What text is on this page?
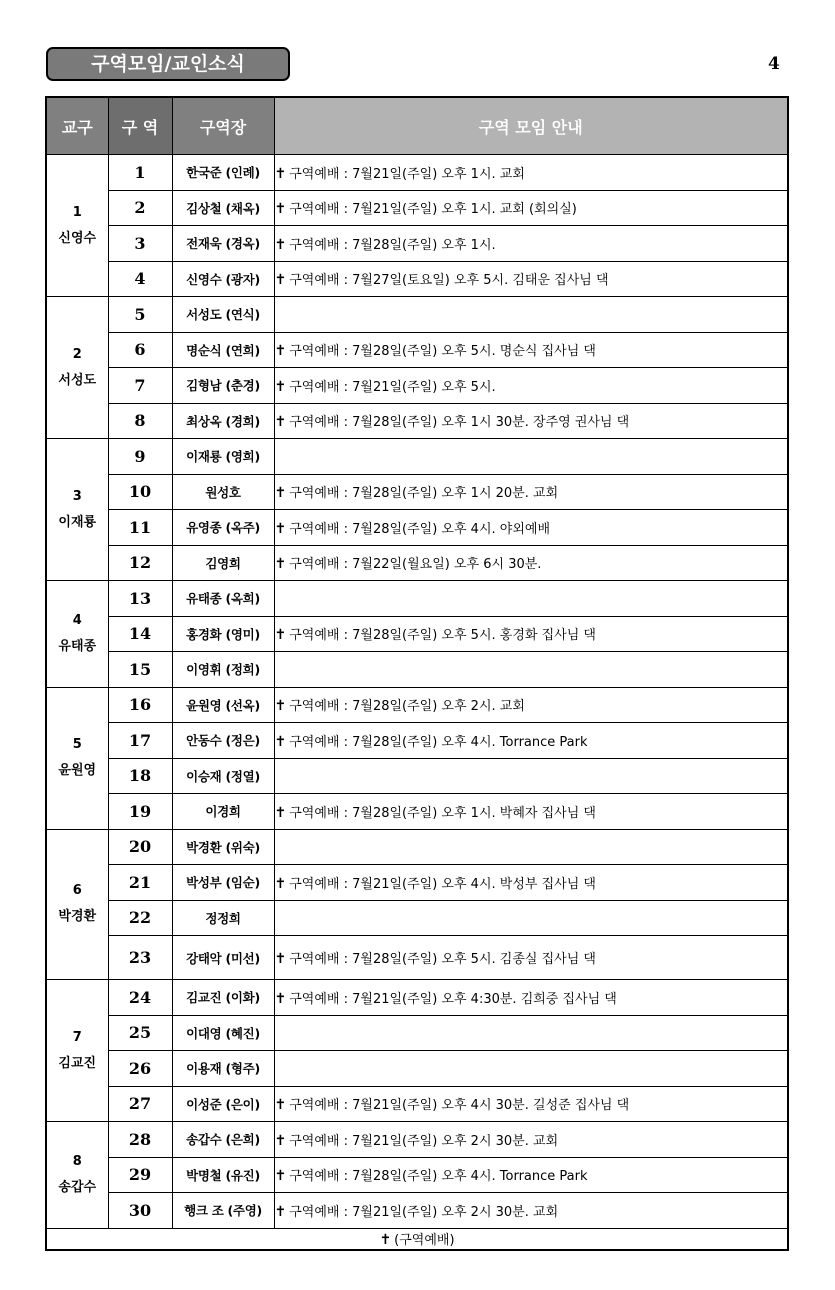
구역모임/교인소식	4
교구	구 역	구역장	구역 모임 안내

1
신영수	1	한국준 (인례)	✝ 구역예배 : 7월21일(주일) 오후 1시. 교회
	2	김상철 (채옥)	✝ 구역예배 : 7월21일(주일) 오후 1시. 교회 (회의실)
	3	전재욱 (경옥)	✝ 구역예배 : 7월28일(주일) 오후 1시.
	4	신영수 (광자)	✝ 구역예배 : 7월27일(토요일) 오후 5시. 김태운 집사님 댁

2
서성도	5	서성도 (연식)	
	6	명순식 (연희)	✝ 구역예배 : 7월28일(주일) 오후 5시. 명순식 집사님 댁
	7	김형남 (춘경)	✝ 구역예배 : 7월21일(주일) 오후 5시.
	8	최상옥 (경희)	✝ 구역예배 : 7월28일(주일) 오후 1시 30분. 장주영 권사님 댁

3
이재룡	9	이재룡 (영희)	
	10	원성호	✝ 구역예배 : 7월28일(주일) 오후 1시 20분. 교회
	11	유영종 (옥주)	✝ 구역예배 : 7월28일(주일) 오후 4시. 야외예배
	12	김영희	✝ 구역예배 : 7월22일(월요일) 오후 6시 30분.

4
유태종	13	유태종 (옥희)	
	14	홍경화 (영미)	✝ 구역예배 : 7월28일(주일) 오후 5시. 홍경화 집사님 댁
	15	이영휘 (정희)	

5
윤원영	16	윤원영 (선옥)	✝ 구역예배 : 7월28일(주일) 오후 2시. 교회
	17	안동수 (정은)	✝ 구역예배 : 7월28일(주일) 오후 4시. Torrance Park
	18	이승재 (정열)	
	19	이경희	✝ 구역예배 : 7월28일(주일) 오후 1시. 박혜자 집사님 댁

6
박경환	20	박경환 (위숙)	
	21	박성부 (임순)	✝ 구역예배 : 7월21일(주일) 오후 4시. 박성부 집사님 댁
	22	정정희	
	23	강태악 (미선)	✝ 구역예배 : 7월28일(주일) 오후 5시. 김종실 집사님 댁

7
김교진	24	김교진 (이화)	✝ 구역예배 : 7월21일(주일) 오후 4:30분. 김희중 집사님 댁
	25	이대영 (혜진)	
	26	이용재 (형주)	
	27	이성준 (은이)	✝ 구역예배 : 7월21일(주일) 오후 4시 30분. 길성준 집사님 댁

8
송갑수	28	송갑수 (은희)	✝ 구역예배 : 7월21일(주일) 오후 2시 30분. 교회
	29	박명철 (유진)	✝ 구역예배 : 7월28일(주일) 오후 4시. Torrance Park
	30	행크 조 (주영)	✝ 구역예배 : 7월21일(주일) 오후 2시 30분. 교회
✝ (구역예배)			
